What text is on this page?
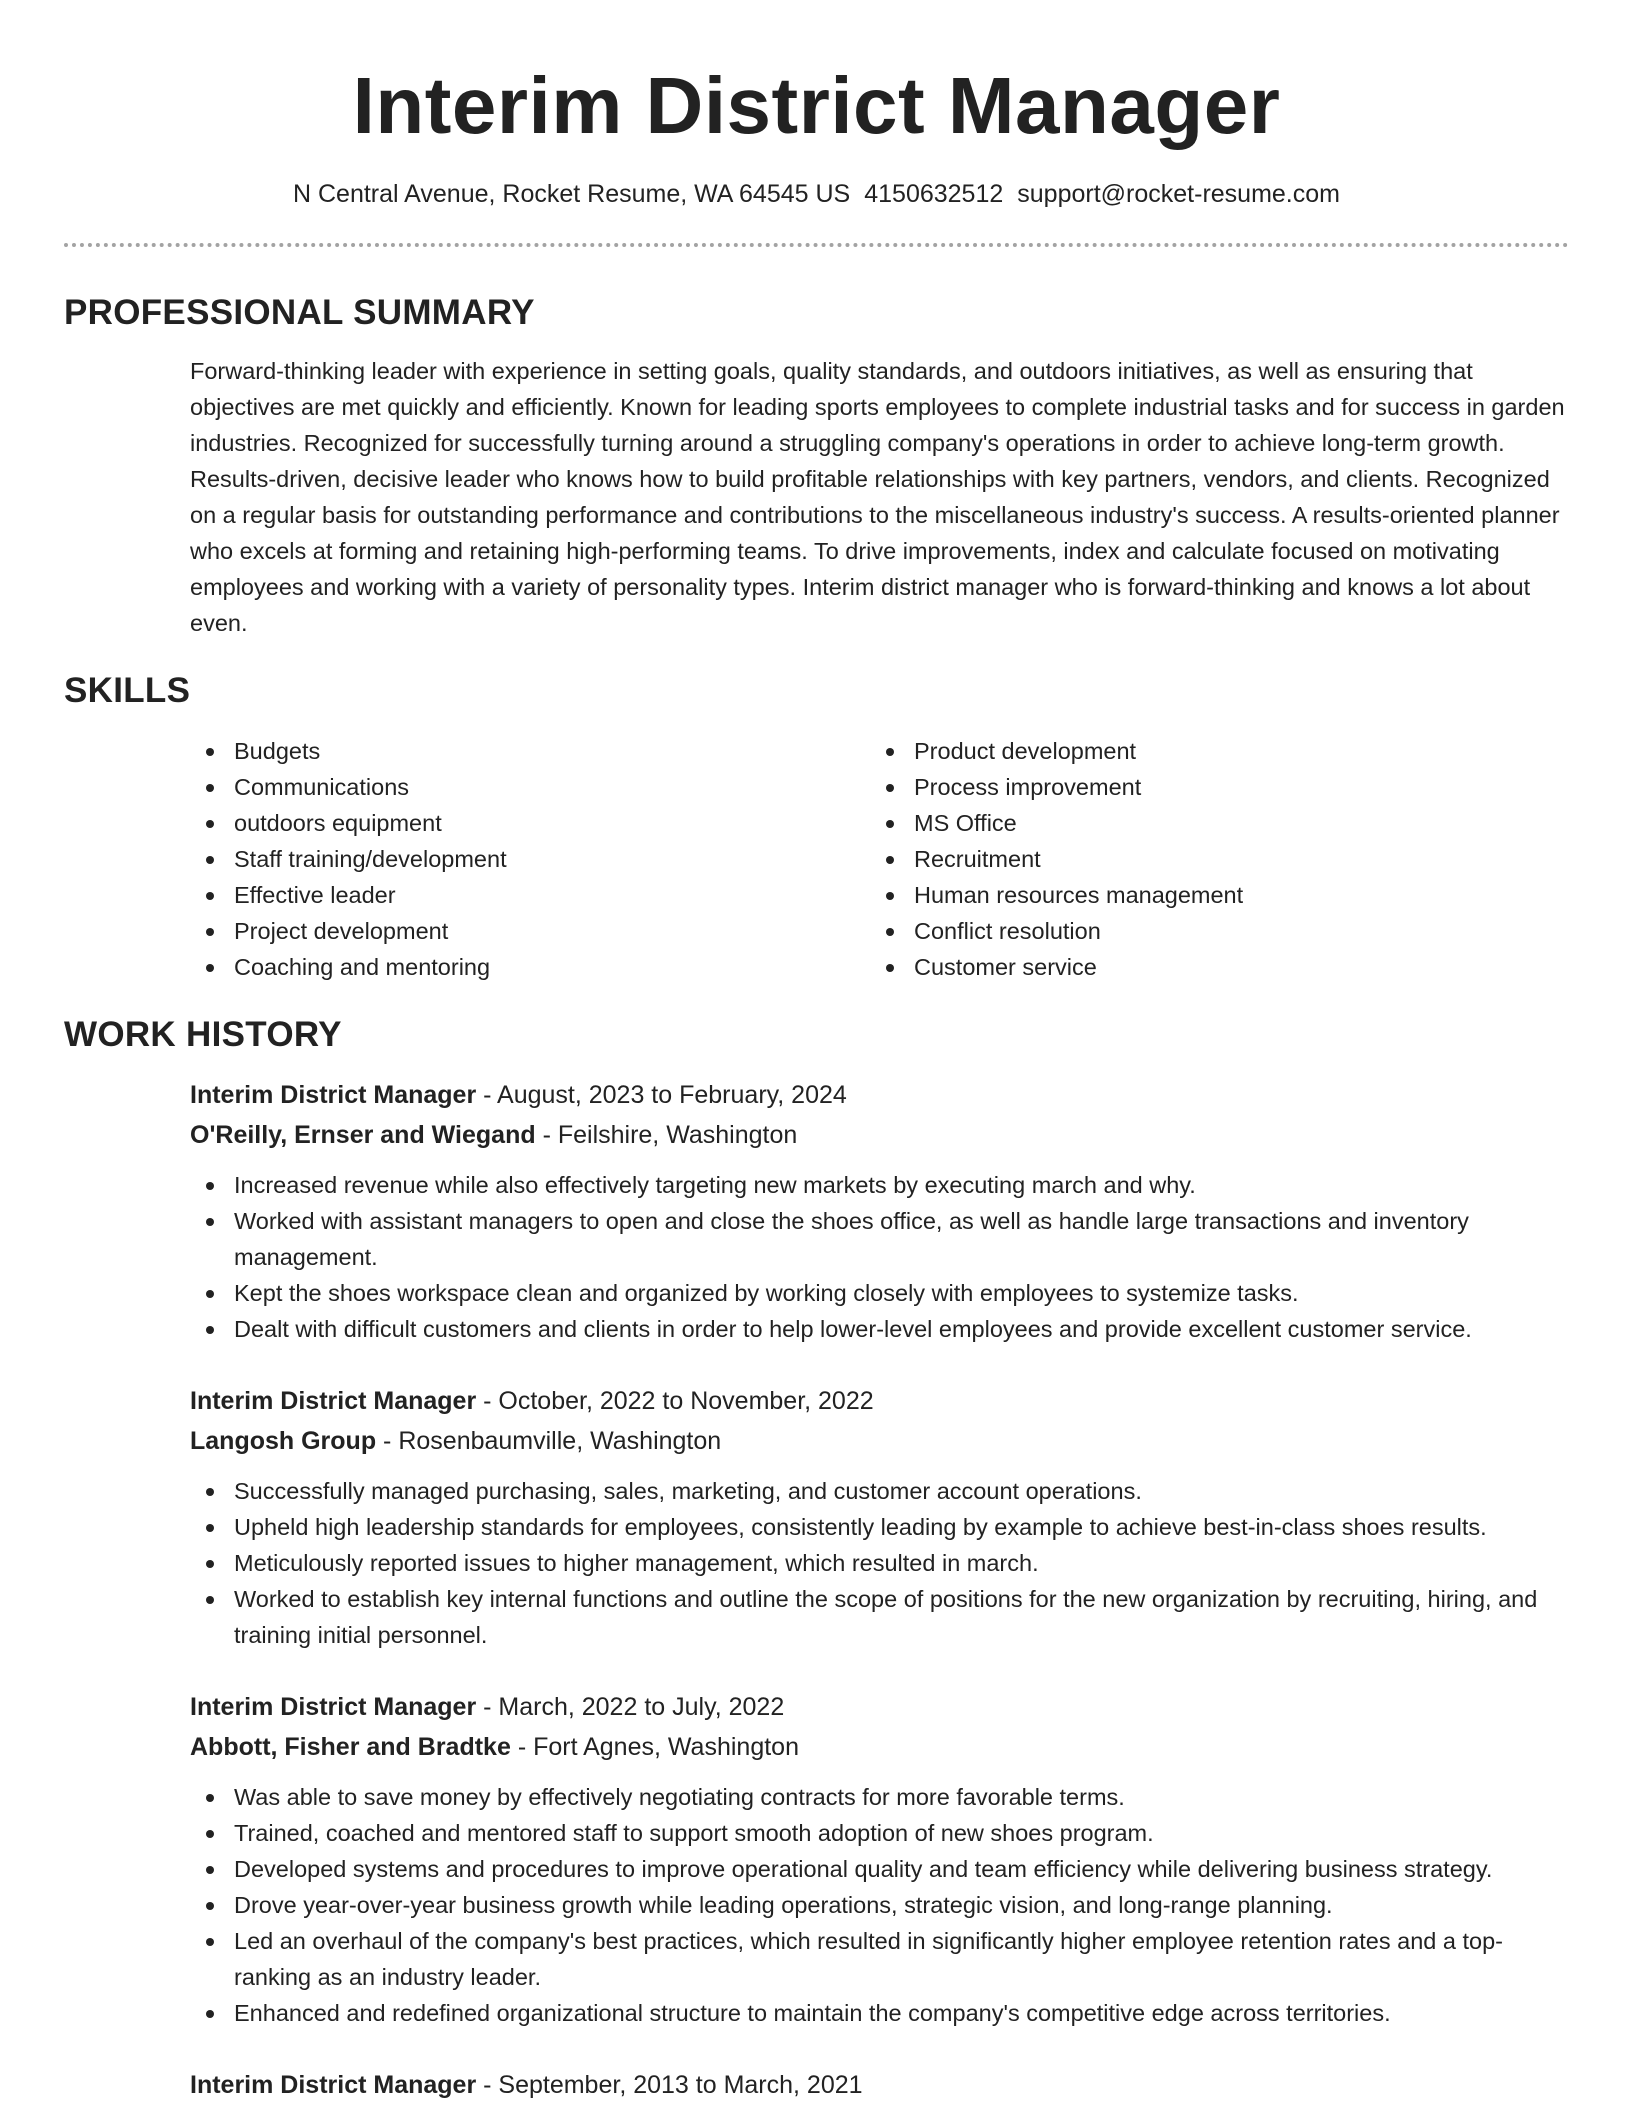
Interim District Manager
N Central Avenue, Rocket Resume, WA 64545 US 4150632512 support@rocket-resume.com
PROFESSIONAL SUMMARY
Forward-thinking leader with experience in setting goals, quality standards, and outdoors initiatives, as well as ensuring that objectives are met quickly and efficiently. Known for leading sports employees to complete industrial tasks and for success in garden industries. Recognized for successfully turning around a struggling company's operations in order to achieve long-term growth. Results-driven, decisive leader who knows how to build profitable relationships with key partners, vendors, and clients. Recognized on a regular basis for outstanding performance and contributions to the miscellaneous industry's success. A results-oriented planner who excels at forming and retaining high-performing teams. To drive improvements, index and calculate focused on motivating employees and working with a variety of personality types. Interim district manager who is forward-thinking and knows a lot about even.
SKILLS
Budgets
Communications
outdoors equipment
Staff training/development
Effective leader
Project development
Coaching and mentoring
Product development
Process improvement
MS Office
Recruitment
Human resources management
Conflict resolution
Customer service
WORK HISTORY
Interim District Manager - August, 2023 to February, 2024
O'Reilly, Ernser and Wiegand - Feilshire, Washington
Increased revenue while also effectively targeting new markets by executing march and why.
Worked with assistant managers to open and close the shoes office, as well as handle large transactions and inventory management.
Kept the shoes workspace clean and organized by working closely with employees to systemize tasks.
Dealt with difficult customers and clients in order to help lower-level employees and provide excellent customer service.
Interim District Manager - October, 2022 to November, 2022
Langosh Group - Rosenbaumville, Washington
Successfully managed purchasing, sales, marketing, and customer account operations.
Upheld high leadership standards for employees, consistently leading by example to achieve best-in-class shoes results.
Meticulously reported issues to higher management, which resulted in march.
Worked to establish key internal functions and outline the scope of positions for the new organization by recruiting, hiring, and training initial personnel.
Interim District Manager - March, 2022 to July, 2022
Abbott, Fisher and Bradtke - Fort Agnes, Washington
Was able to save money by effectively negotiating contracts for more favorable terms.
Trained, coached and mentored staff to support smooth adoption of new shoes program.
Developed systems and procedures to improve operational quality and team efficiency while delivering business strategy.
Drove year-over-year business growth while leading operations, strategic vision, and long-range planning.
Led an overhaul of the company's best practices, which resulted in significantly higher employee retention rates and a top-ranking as an industry leader.
Enhanced and redefined organizational structure to maintain the company's competitive edge across territories.
Interim District Manager - September, 2013 to March, 2021
